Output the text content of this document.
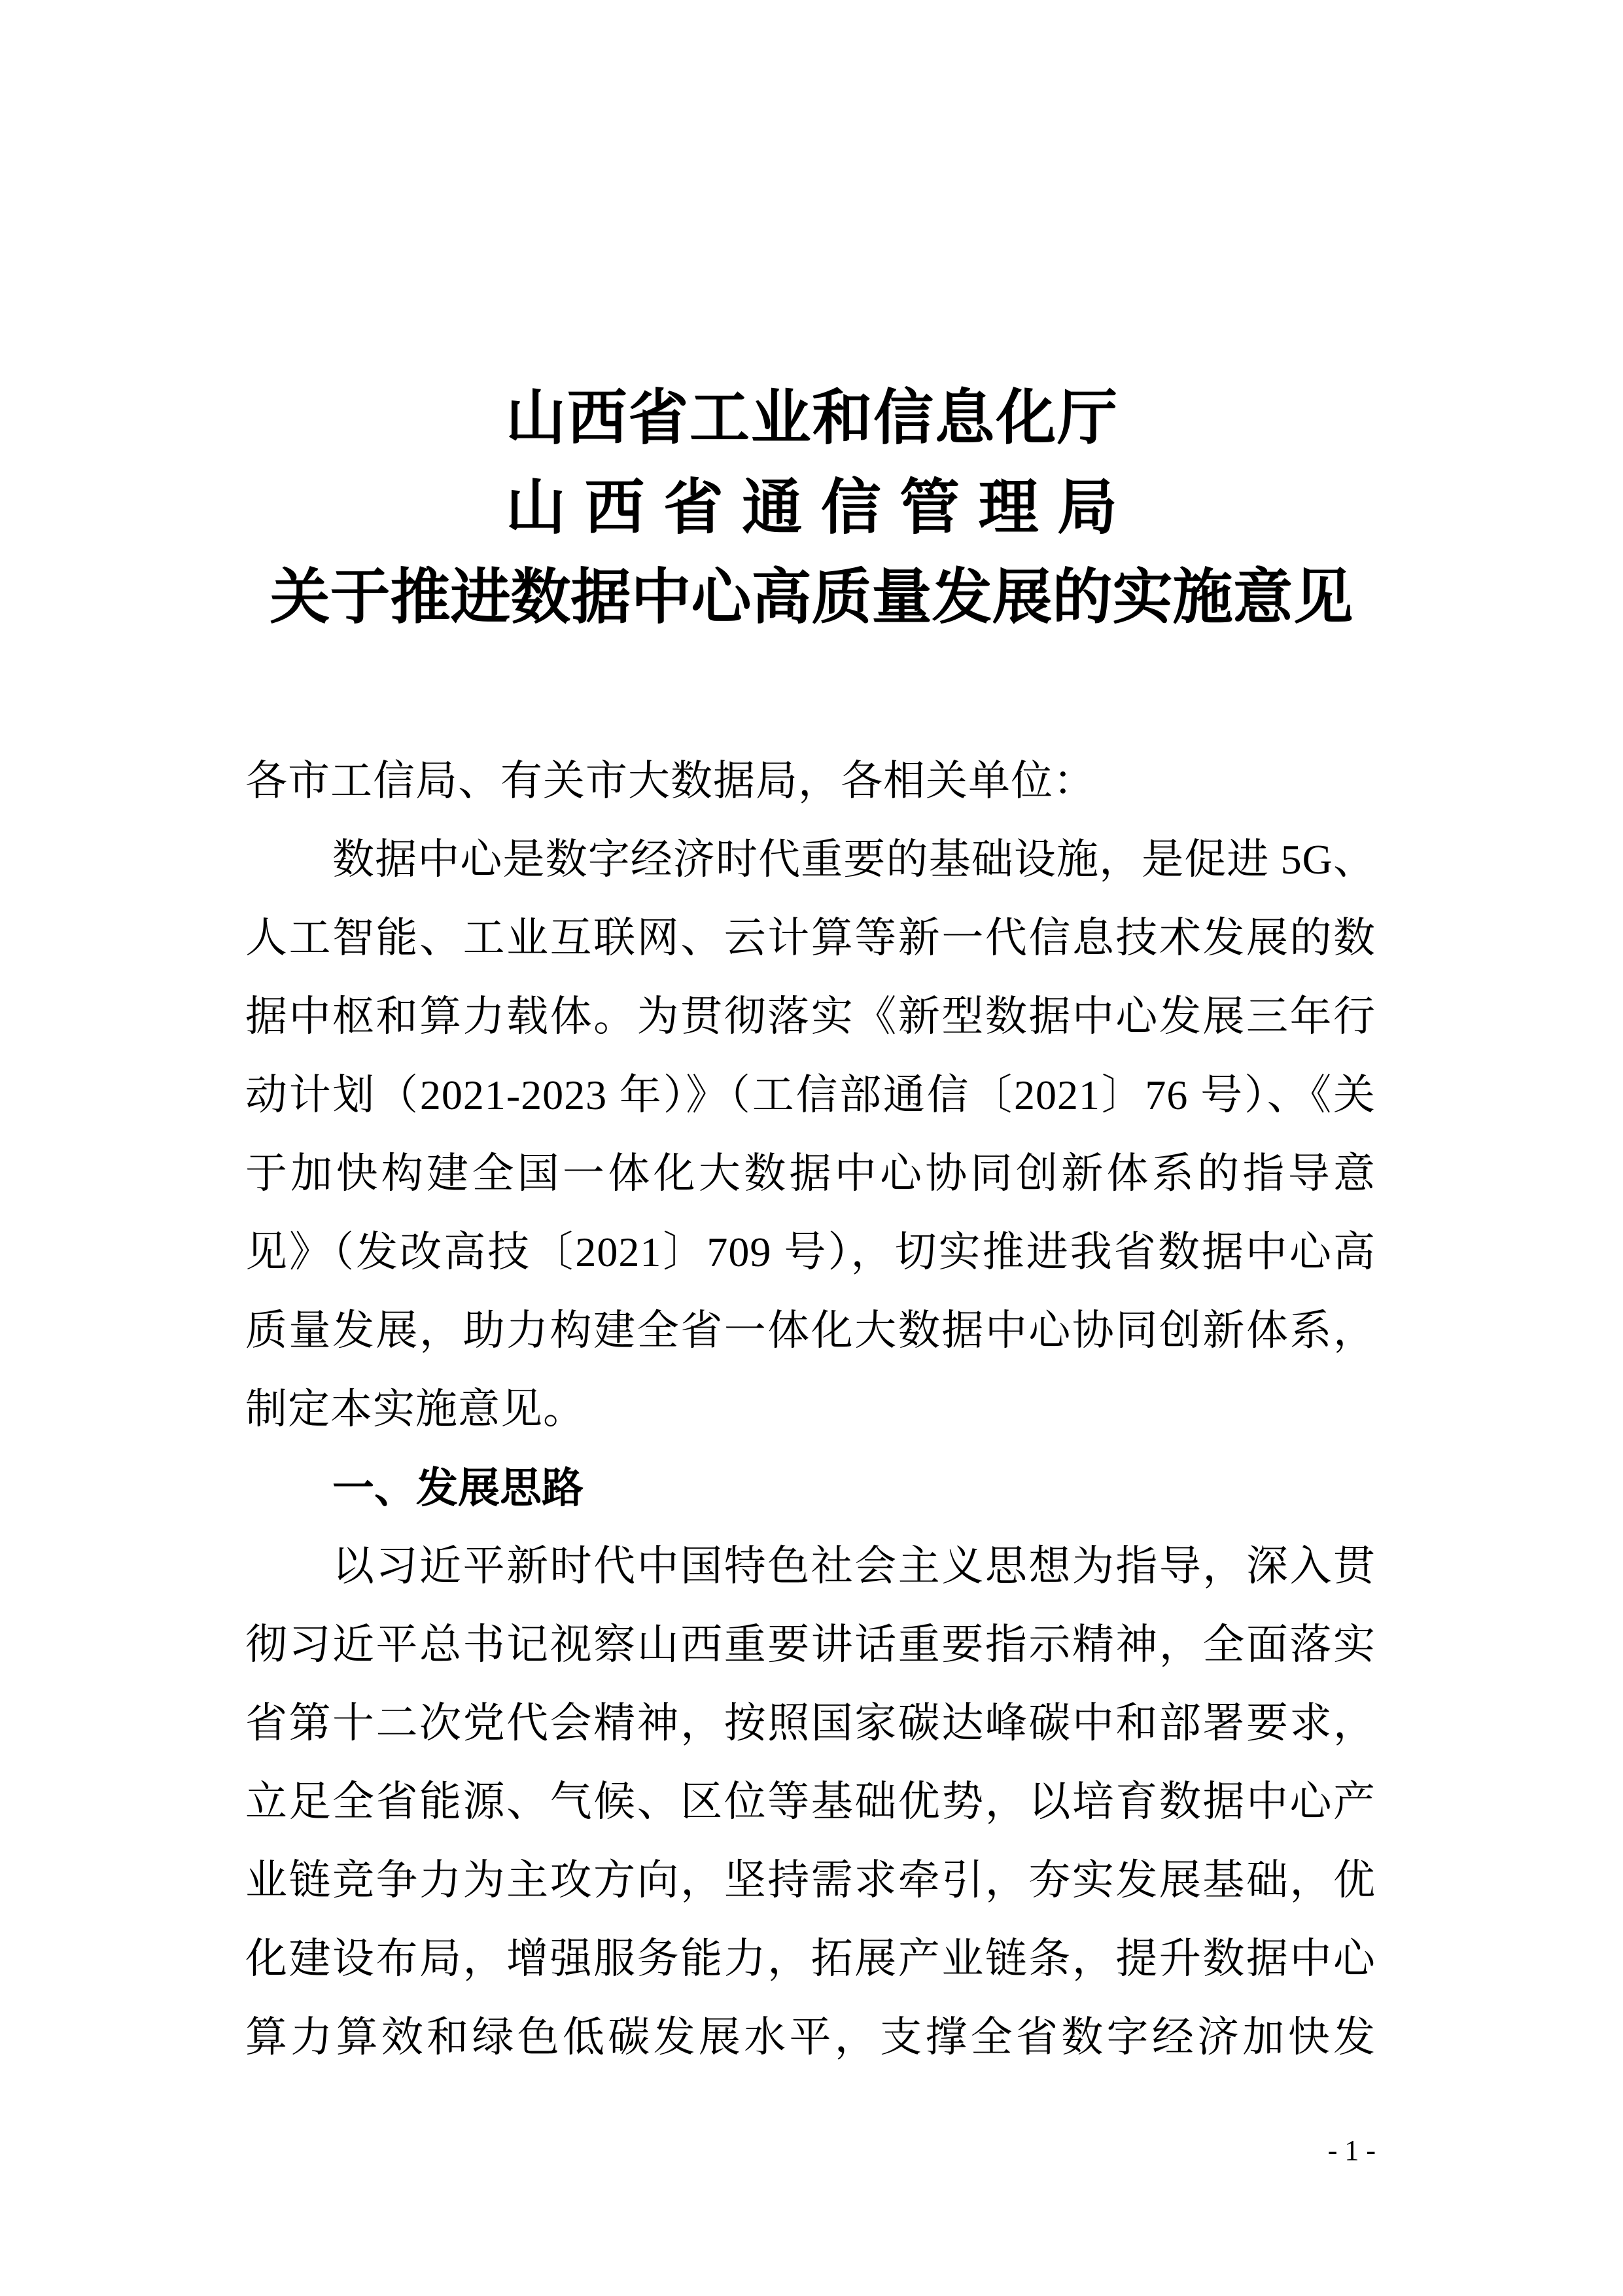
山西省工业和信息化厅
山西省通信管理局
关于推进数据中心高质量发展的实施意见
各市工信局、有关市大数据局，各相关单位：
数据中心是数字经济时代重要的基础设施，是促进 5G、
人工智能、工业互联网、云计算等新一代信息技术发展的数
据中枢和算力载体。为贯彻落实《新型数据中心发展三年行
动计划（2021-2023 年）》（工信部通信〔2021〕76 号）、《关
于加快构建全国一体化大数据中心协同创新体系的指导意
见》（发改高技〔2021〕709 号），切实推进我省数据中心高
质量发展，助力构建全省一体化大数据中心协同创新体系，
制定本实施意见。
一、发展思路
以习近平新时代中国特色社会主义思想为指导，深入贯
彻习近平总书记视察山西重要讲话重要指示精神，全面落实
省第十二次党代会精神，按照国家碳达峰碳中和部署要求，
立足全省能源、气候、区位等基础优势，以培育数据中心产
业链竞争力为主攻方向，坚持需求牵引，夯实发展基础，优
化建设布局，增强服务能力，拓展产业链条，提升数据中心
算力算效和绿色低碳发展水平，支撑全省数字经济加快发
- 1 -
